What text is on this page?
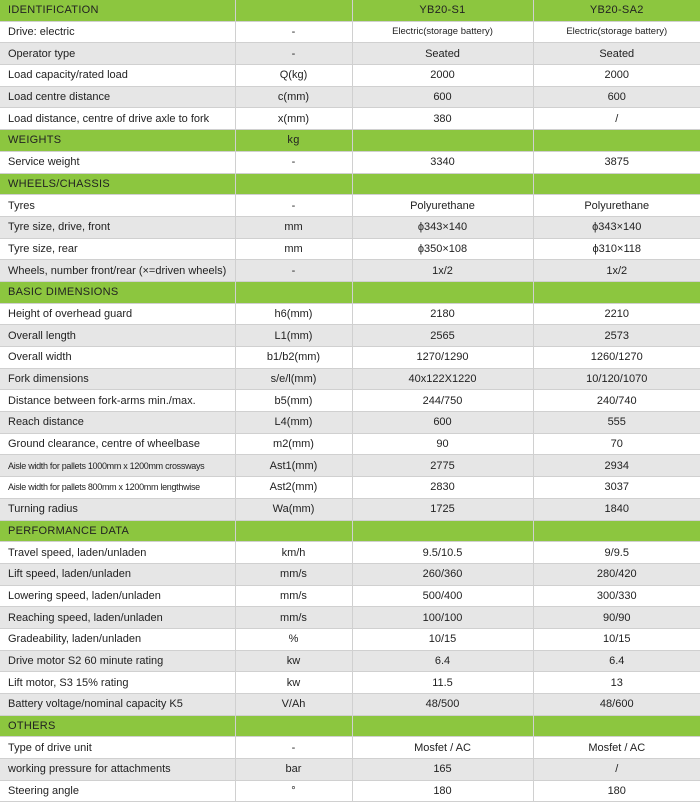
IDENTIFICATION		YB20-S1	YB20-SA2
Drive: electric	-	Electric(storage battery)	Electric(storage battery)
Operator type	-	Seated	Seated
Load capacity/rated load	Q(kg)	2000	2000
Load centre distance	c(mm)	600	600
Load distance, centre of drive axle to fork	x(mm)	380	/
WEIGHTS	kg		
Service weight	-	3340	3875
WHEELS/CHASSIS			
Tyres	-	Polyurethane	Polyurethane
Tyre size, drive, front	mm	ϕ343×140	ϕ343×140
Tyre size, rear	mm	ϕ350×108	ϕ310×118
Wheels, number front/rear (×=driven wheels)	-	1x/2	1x/2
BASIC DIMENSIONS			
Height of overhead guard	h6(mm)	2180	2210
Overall length	L1(mm)	2565	2573
Overall width	b1/b2(mm)	1270/1290	1260/1270
Fork dimensions	s/e/l(mm)	40x122X1220	10/120/1070
Distance between fork-arms min./max.	b5(mm)	244/750	240/740
Reach distance	L4(mm)	600	555
Ground clearance, centre of wheelbase	m2(mm)	90	70
Aisle width for pallets 1000mm x 1200mm crossways	Ast1(mm)	2775	2934
Aisle width for pallets 800mm x 1200mm lengthwise	Ast2(mm)	2830	3037
Turning radius	Wa(mm)	1725	1840
PERFORMANCE DATA			
Travel speed, laden/unladen	km/h	9.5/10.5	9/9.5
Lift speed, laden/unladen	mm/s	260/360	280/420
Lowering speed, laden/unladen	mm/s	500/400	300/330
Reaching speed, laden/unladen	mm/s	100/100	90/90
Gradeability, laden/unladen	%	10/15	10/15
Drive motor S2 60 minute rating	kw	6.4	6.4
Lift motor, S3 15% rating	kw	11.5	13
Battery voltage/nominal capacity K5	V/Ah	48/500	48/600
OTHERS			
Type of drive unit	-	Mosfet / AC	Mosfet / AC
working pressure for attachments	bar	165	/
Steering angle	°	180	180
